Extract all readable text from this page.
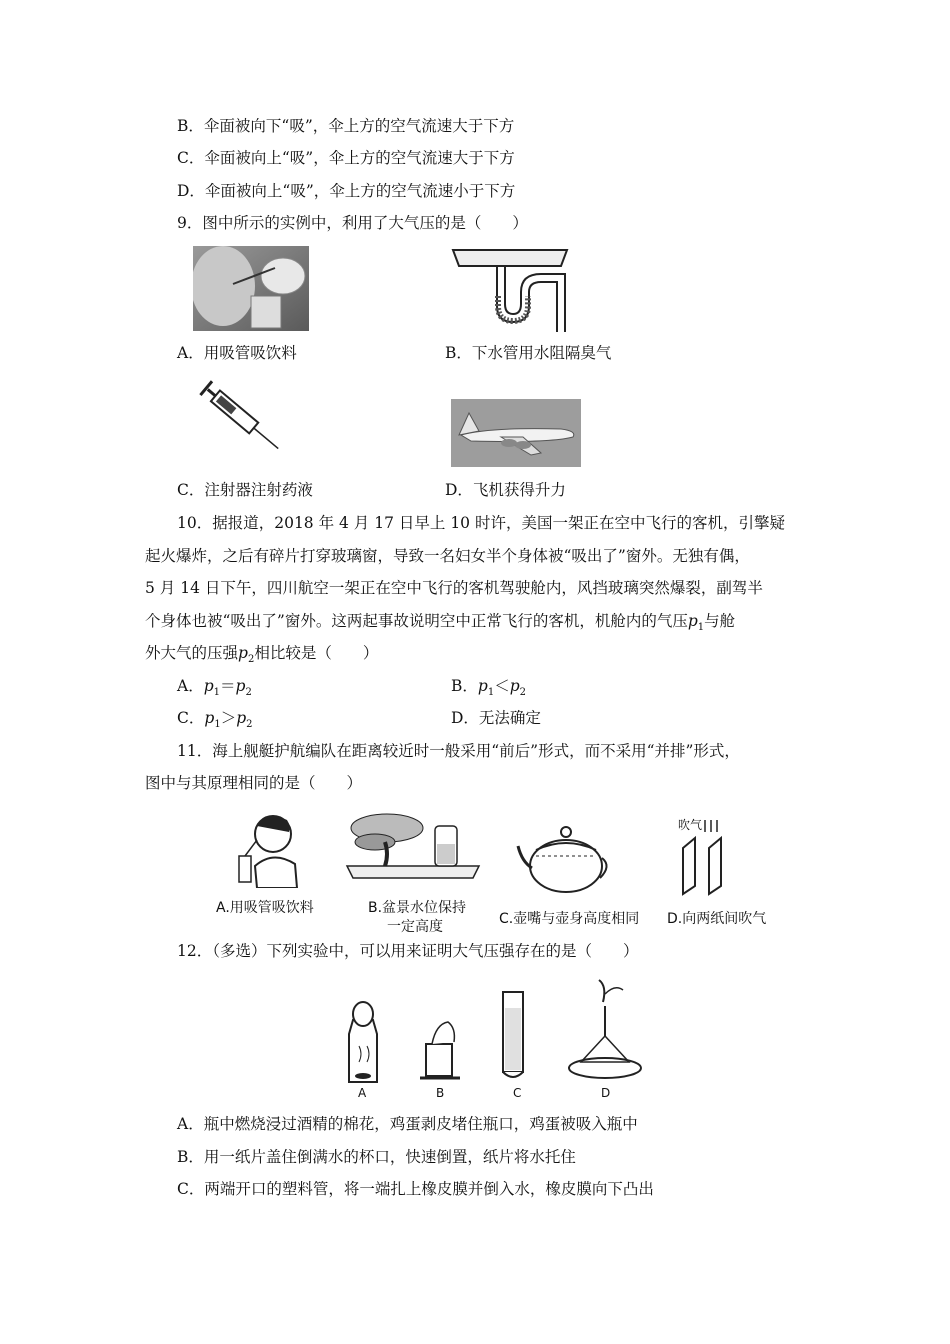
B．伞面被向下“吸”，伞上方的空气流速大于下方
C．伞面被向上“吸”，伞上方的空气流速大于下方
D．伞面被向上“吸”，伞上方的空气流速小于下方
9．图中所示的实例中，利用了大气压的是（　　）
A．用吸管吸饮料	B．下水管用水阻隔臭气
C．注射器注射药液	D．飞机获得升力
10．据报道，2018 年 4 月 17 日早上 10 时许，美国一架正在空中飞行的客机，引擎疑
起火爆炸，之后有碎片打穿玻璃窗，导致一名妇女半个身体被“吸出了”窗外。无独有偶，
5 月 14 日下午，四川航空一架正在空中飞行的客机驾驶舱内，风挡玻璃突然爆裂，副驾半
个身体也被“吸出了”窗外。这两起事故说明空中正常飞行的客机，机舱内的气压$p_1$与舱
外大气的压强$p_2$相比较是（　　）
A．$p_1=p_2$	B．$p_1<p_2$
C．$p_1>p_2$	D．无法确定
11．海上舰艇护航编队在距离较近时一般采用“前后”形式，而不采用“并排”形式，
图中与其原理相同的是（　　）
A.用吸管吸饮料	B.盆景水位保持
一定高度	C.壶嘴与壶身高度相同
吹气
D.向两纸间吹气
12．（多选）下列实验中，可以用来证明大气压强存在的是（　　）
A	B	C	D
A．瓶中燃烧浸过酒精的棉花，鸡蛋剥皮堵住瓶口，鸡蛋被吸入瓶中
B．用一纸片盖住倒满水的杯口，快速倒置，纸片将水托住
C．两端开口的塑料管，将一端扎上橡皮膜并倒入水，橡皮膜向下凸出
